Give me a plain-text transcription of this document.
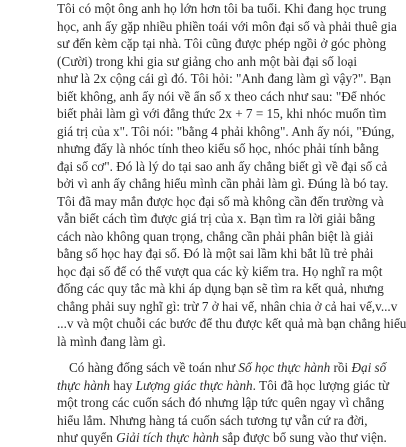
Tôi có một ông anh họ lớn hơn tôi ba tuổi. Khi đang học trung
học, anh ấy gặp nhiều phiền toái với môn đại số và phải thuê gia
sư đến kèm cặp tại nhà. Tôi cũng được phép ngồi ở góc phòng
(Cười) trong khi gia sư giảng cho anh một bài đại số loại
như là 2x cộng cái gì đó. Tôi hỏi: "Anh đang làm gì vậy?". Bạn
biết không, anh ấy nói về ẩn số x theo cách như sau: "Để nhóc
biết phải làm gì với đẳng thức 2x + 7 = 15, khi nhóc muốn tìm
giá trị của x". Tôi nói: "bằng 4 phải không". Anh ấy nói, "Đúng,
nhưng đấy là nhóc tính theo kiểu số học, nhóc phải tính bằng
đại số cơ". Đó là lý do tại sao anh ấy chẳng biết gì về đại số cả
bởi vì anh ấy chẳng hiểu mình cần phải làm gì. Đúng là bó tay.
Tôi đã may mắn được học đại số mà không cần đến trường và
vẫn biết cách tìm được giá trị của x. Bạn tìm ra lời giải bằng
cách nào không quan trọng, chẳng cần phải phân biệt là giải
bằng số học hay đại số. Đó là một sai lầm khi bắt lũ trẻ phải
học đại số để có thể vượt qua các kỳ kiểm tra. Họ nghĩ ra một
đống các quy tắc mà khi áp dụng bạn sẽ tìm ra kết quả, nhưng
chẳng phải suy nghĩ gì: trừ 7 ở hai vế, nhân chia ở cả hai vế,v...v
...v và một chuỗi các bước để thu được kết quả mà bạn chẳng hiểu
là mình đang làm gì.
Có hàng đống sách về toán như Số học thực hành rồi Đại số
thực hành hay Lượng giác thực hành. Tôi đã học lượng giác từ
một trong các cuốn sách đó nhưng lập tức quên ngay vì chẳng
hiểu lắm. Nhưng hàng tá cuốn sách tương tự vẫn cứ ra đời,
như quyển Giải tích thực hành sắp được bổ sung vào thư viện.
